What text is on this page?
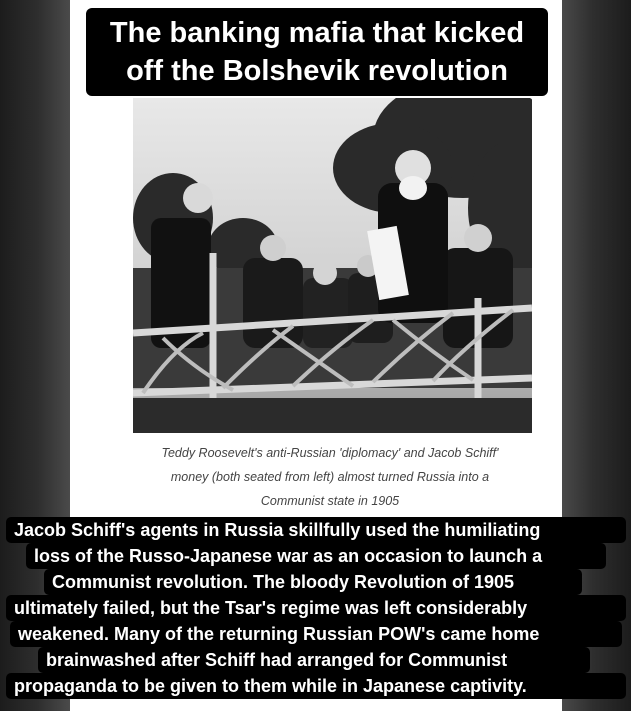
The banking mafia that kicked
off the Bolshevik revolution
Teddy Roosevelt's anti-Russian 'diplomacy' and Jacob Schiff'
money (both seated from left) almost turned Russia into a
Communist state in 1905
Jacob Schiff's agents in Russia skillfully used the humiliating
loss of the Russo-Japanese war as an occasion to launch a
Communist revolution. The bloody Revolution of 1905
ultimately failed, but the Tsar's regime was left considerably
weakened. Many of the returning Russian POW's came home
brainwashed after Schiff had arranged for Communist
propaganda to be given to them while in Japanese captivity.
